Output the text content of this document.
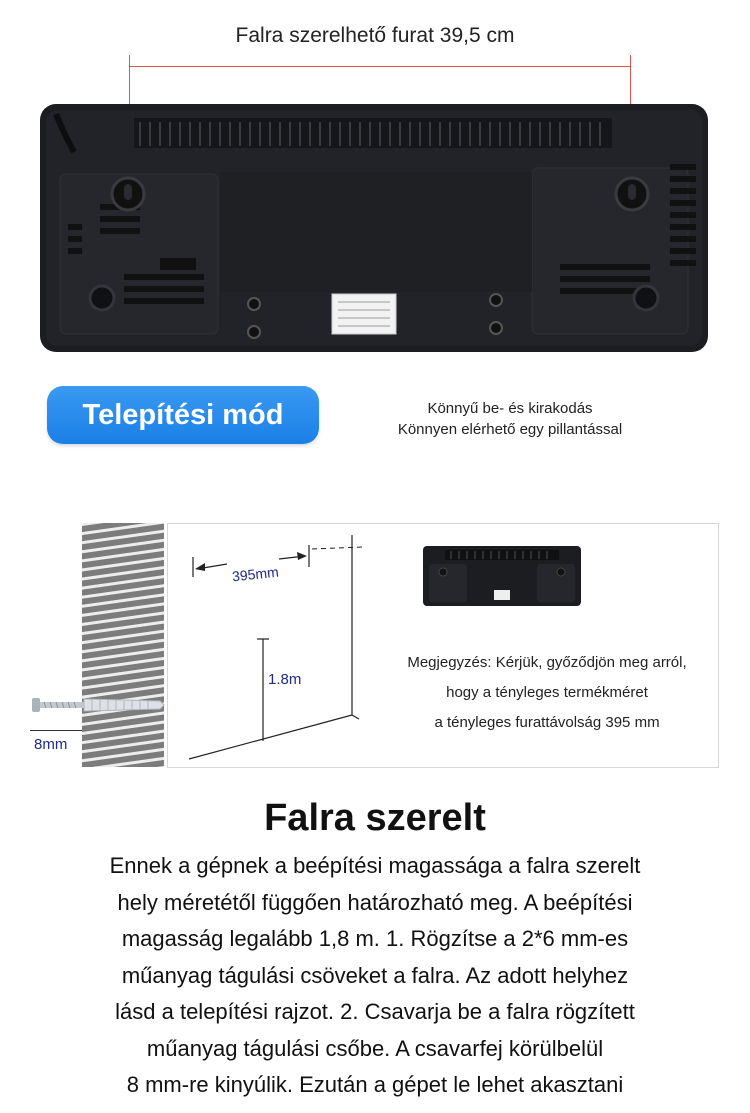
Falra szerelhető furat 39,5 cm
Telepítési mód	Könnyű be- és kirakodás
Könnyen elérhető egy pillantással
395mm
1.8m
Megjegyzés: Kérjük, győződjön meg arról,
hogy a tényleges termékméret
a tényleges furattávolság 395 mm
8mm
Falra szerelt
Ennek a gépnek a beépítési magassága a falra szerelt
hely méretétől függően határozható meg. A beépítési
magasság legalább 1,8 m. 1. Rögzítse a 2*6 mm-es
műanyag tágulási csöveket a falra. Az adott helyhez
lásd a telepítési rajzot. 2. Csavarja be a falra rögzített
műanyag tágulási csőbe. A csavarfej körülbelül
8 mm-re kinyúlik. Ezután a gépet le lehet akasztani
